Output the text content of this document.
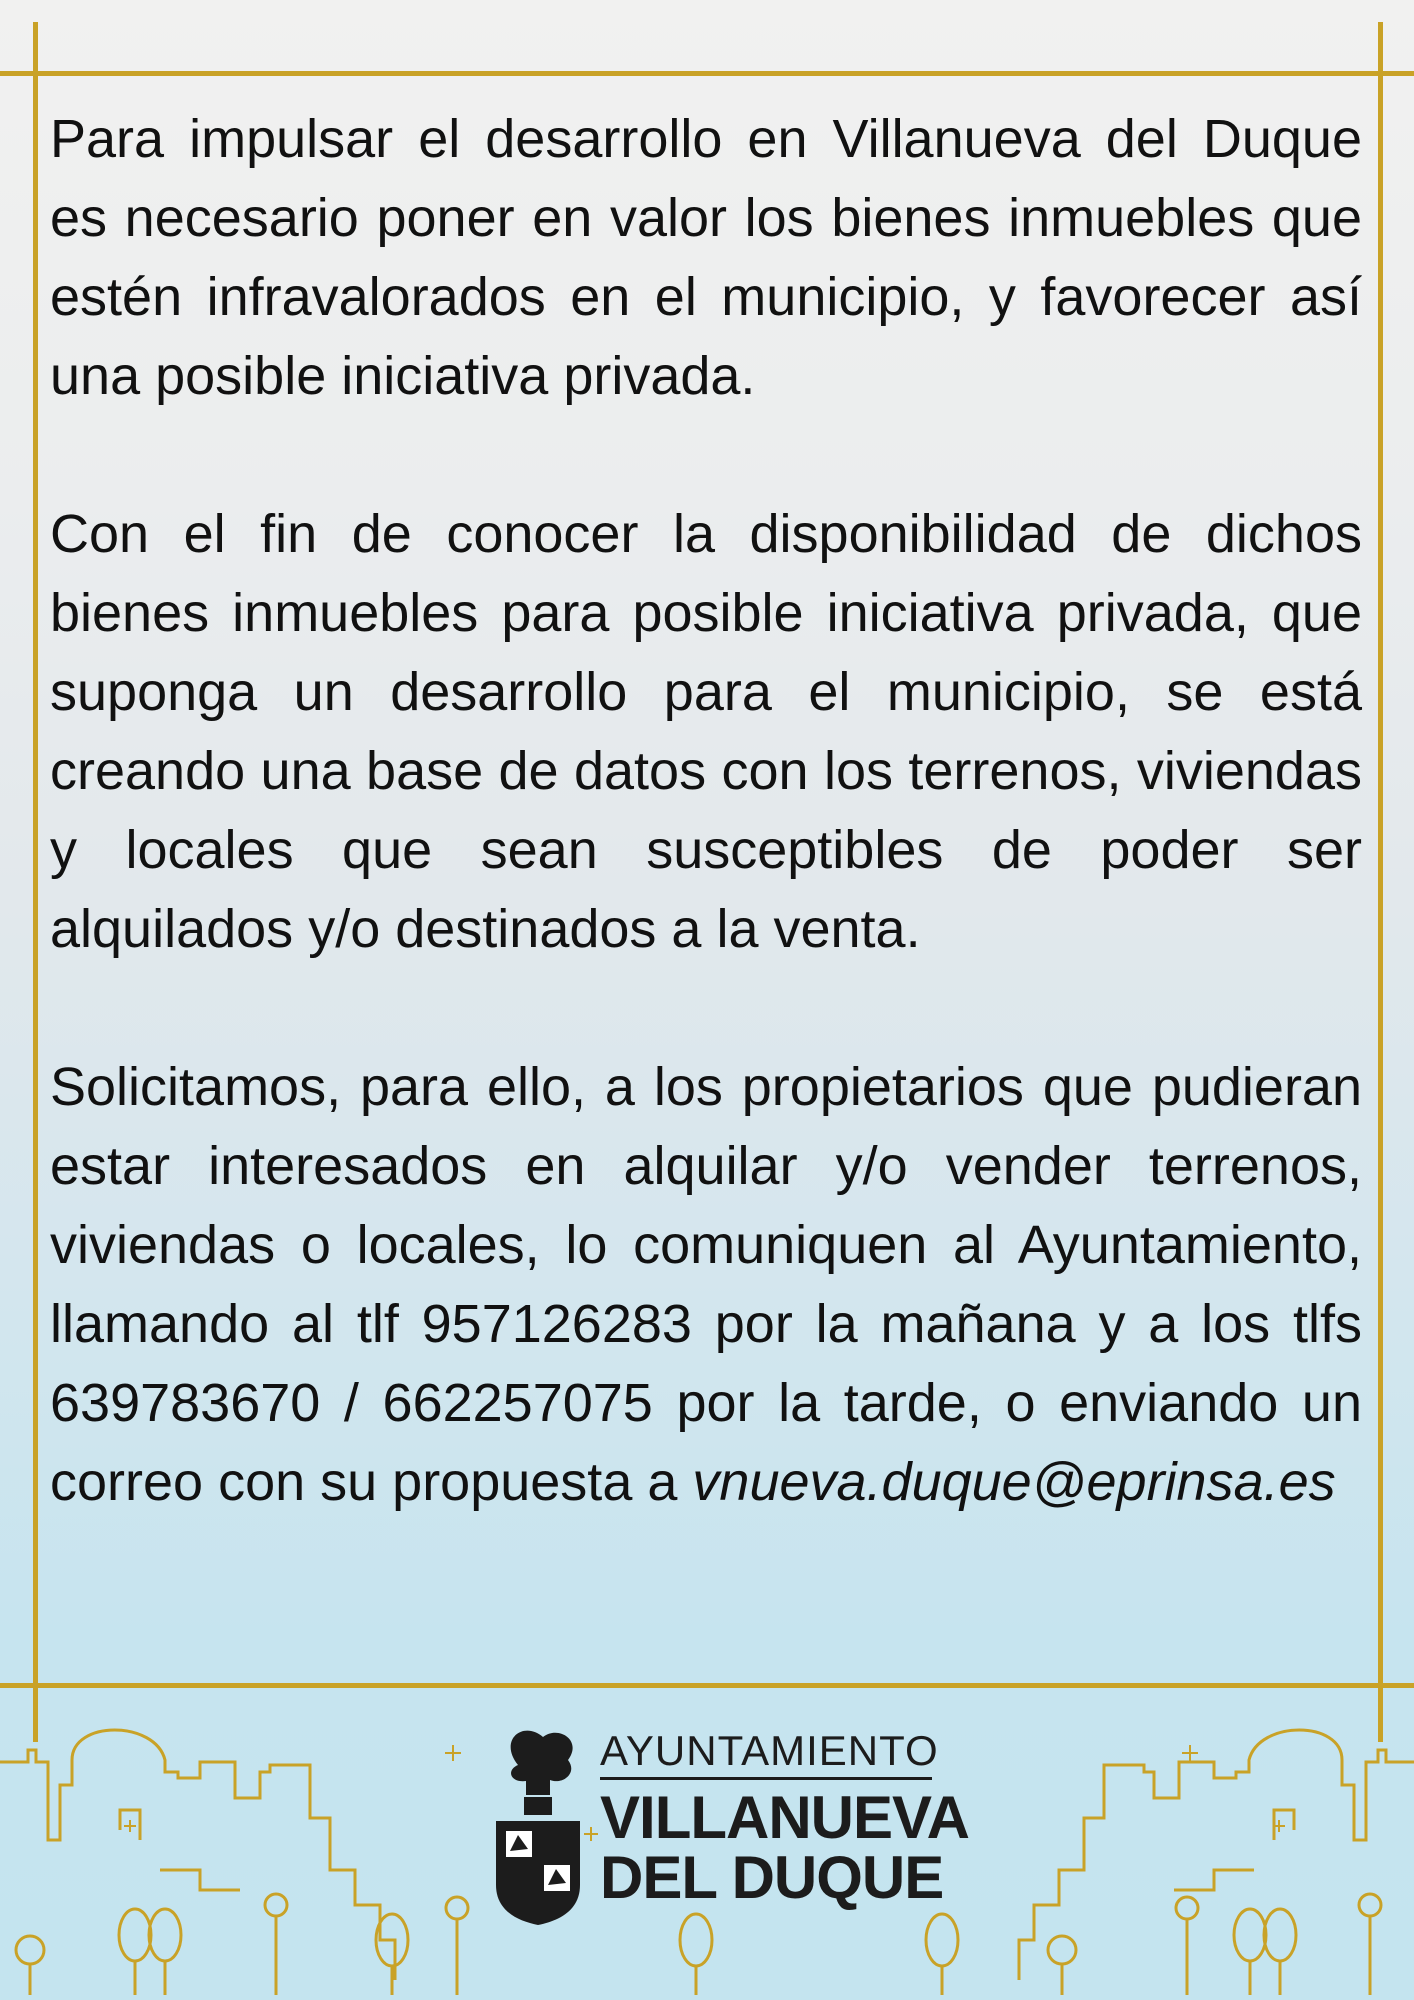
Para impulsar el desarrollo en Villanueva del Duque es necesario poner en valor los bienes inmuebles que estén infravalorados en el municipio, y favorecer así una posible iniciativa privada.

Con el fin de conocer la disponibilidad de dichos bienes inmuebles para posible iniciativa privada, que suponga un desarrollo para el municipio, se está creando una base de datos con los terrenos, viviendas y locales que sean susceptibles de poder ser alquilados y/o destinados a la venta.

Solicitamos, para ello, a los propietarios que pudieran estar interesados en alquilar y/o vender terrenos, viviendas o locales, lo comuniquen al Ayuntamiento, llamando al tlf 957126283 por la mañana y a los tlfs 639783670 / 662257075 por la tarde, o enviando un correo con su propuesta a vnueva.duque@eprinsa.es

AYUNTAMIENTO
VILLANUEVA
DEL DUQUE
